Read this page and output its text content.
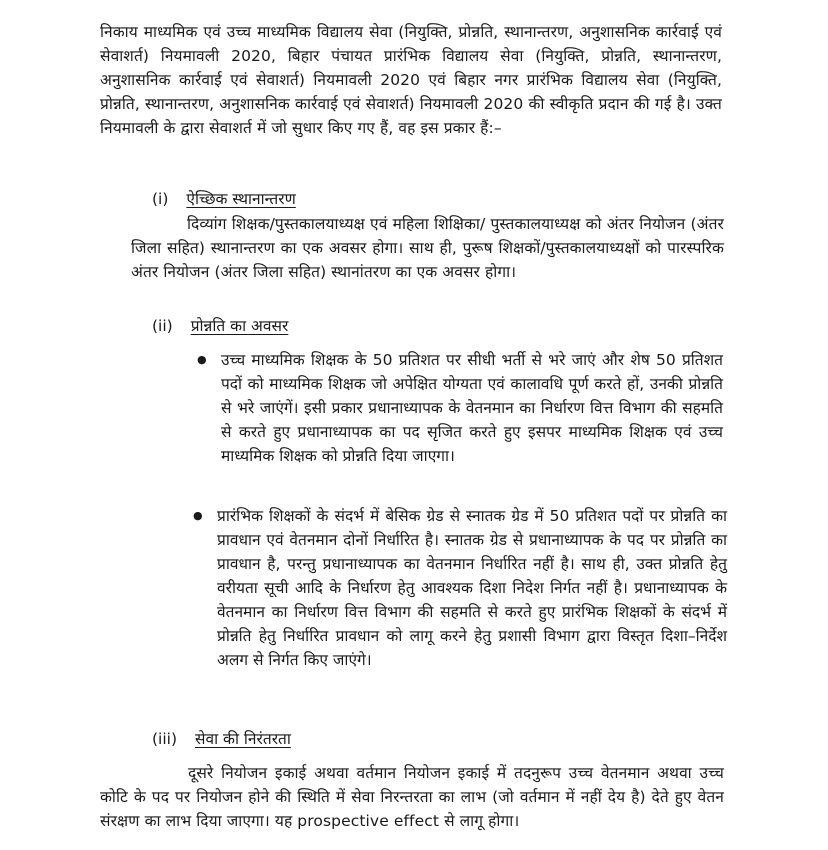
निकाय माध्यमिक एवं उच्च माध्यमिक विद्यालय सेवा (नियुक्ति, प्रोन्नति, स्थानान्तरण, अनुशासनिक कार्रवाई एवं सेवाशर्त) नियमावली 2020, बिहार पंचायत प्रारंभिक विद्यालय सेवा (नियुक्ति, प्रोन्नति, स्थानान्तरण, अनुशासनिक कार्रवाई एवं सेवाशर्त) नियमावली 2020 एवं बिहार नगर प्रारंभिक विद्यालय सेवा (नियुक्ति, प्रोन्नति, स्थानान्तरण, अनुशासनिक कार्रवाई एवं सेवाशर्त) नियमावली 2020 की स्वीकृति प्रदान की गई है। उक्त नियमावली के द्वारा सेवाशर्त में जो सुधार किए गए हैं, वह इस प्रकार हैं:–

(i) ऐच्छिक स्थानान्तरण

दिव्यांग शिक्षक/पुस्तकालयाध्यक्ष एवं महिला शिक्षिका/ पुस्तकालयाध्यक्ष को अंतर नियोजन (अंतर जिला सहित) स्थानान्तरण का एक अवसर होगा। साथ ही, पुरूष शिक्षकों/पुस्तकालयाध्यक्षों को पारस्परिक अंतर नियोजन (अंतर जिला सहित) स्थानांतरण का एक अवसर होगा।

(ii) प्रोन्नति का अवसर

● उच्च माध्यमिक शिक्षक के 50 प्रतिशत पर सीधी भर्ती से भरे जाएं और शेष 50 प्रतिशत पदों को माध्यमिक शिक्षक जो अपेक्षित योग्यता एवं कालावधि पूर्ण करते हों, उनकी प्रोन्नति से भरे जाएंगें। इसी प्रकार प्रधानाध्यापक के वेतनमान का निर्धारण वित्त विभाग की सहमति से करते हुए प्रधानाध्यापक का पद सृजित करते हुए इसपर माध्यमिक शिक्षक एवं उच्च माध्यमिक शिक्षक को प्रोन्नति दिया जाएगा।

● प्रारंभिक शिक्षकों के संदर्भ में बेसिक ग्रेड से स्नातक ग्रेड में 50 प्रतिशत पदों पर प्रोन्नति का प्रावधान एवं वेतनमान दोनों निर्धारित है। स्नातक ग्रेड से प्रधानाध्यापक के पद पर प्रोन्नति का प्रावधान है, परन्तु प्रधानाध्यापक का वेतनमान निर्धारित नहीं है। साथ ही, उक्त प्रोन्नति हेतु वरीयता सूची आदि के निर्धारण हेतु आवश्यक दिशा निदेश निर्गत नहीं है। प्रधानाध्यापक के वेतनमान का निर्धारण वित्त विभाग की सहमति से करते हुए प्रारंभिक शिक्षकों के संदर्भ में प्रोन्नति हेतु निर्धारित प्रावधान को लागू करने हेतु प्रशासी विभाग द्वारा विस्तृत दिशा–निर्देश अलग से निर्गत किए जाएंगे।

(iii) सेवा की निरंतरता

दूसरे नियोजन इकाई अथवा वर्तमान नियोजन इकाई में तदनुरूप उच्च वेतनमान अथवा उच्च कोटि के पद पर नियोजन होने की स्थिति में सेवा निरन्तरता का लाभ (जो वर्तमान में नहीं देय है) देते हुए वेतन संरक्षण का लाभ दिया जाएगा। यह prospective effect से लागू होगा।
